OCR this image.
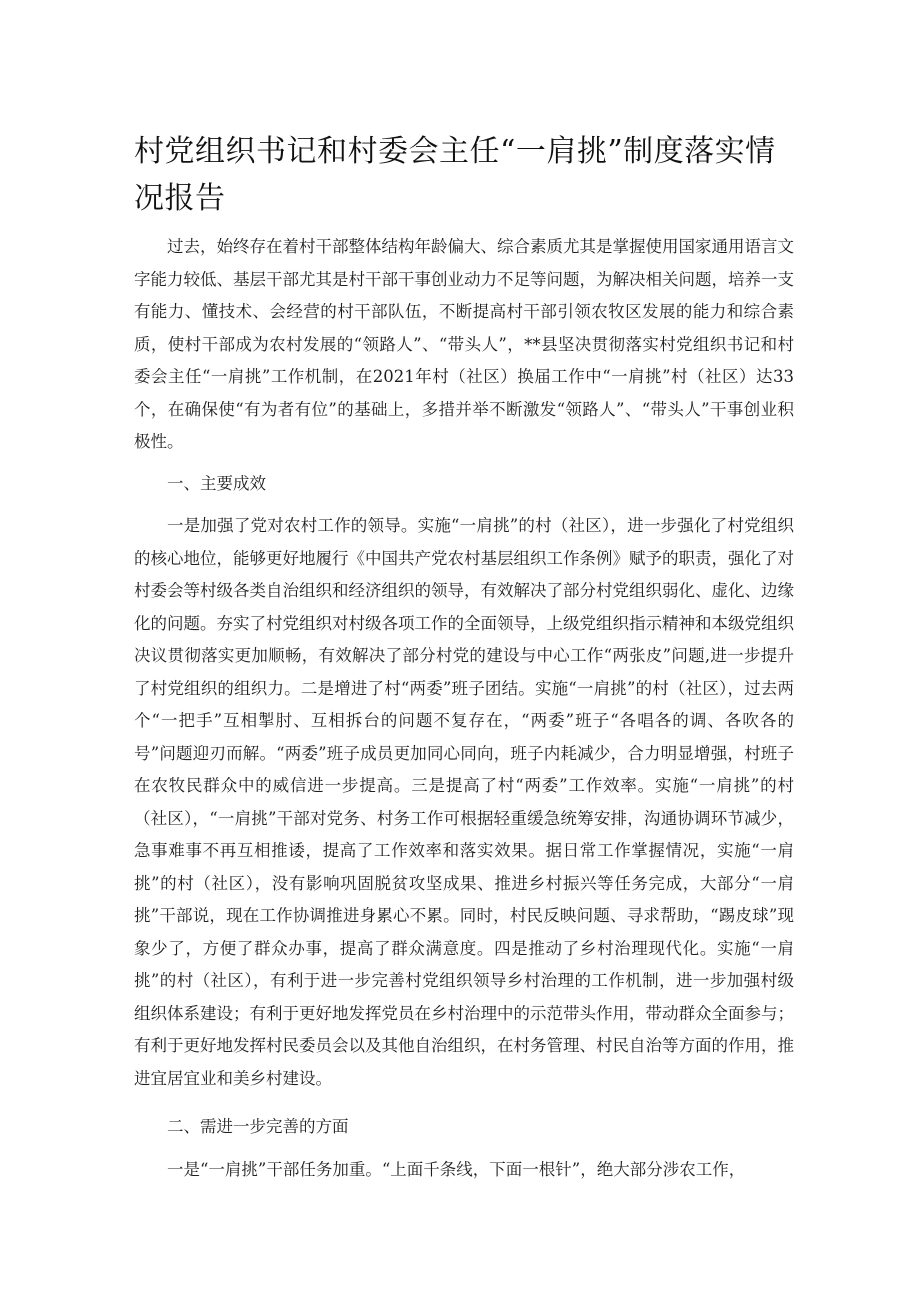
村党组织书记和村委会主任“一肩挑”制度落实情况报告

过去，始终存在着村干部整体结构年龄偏大、综合素质尤其是掌握使用国家通用语言文字能力较低、基层干部尤其是村干部干事创业动力不足等问题，为解决相关问题，培养一支有能力、懂技术、会经营的村干部队伍，不断提高村干部引领农牧区发展的能力和综合素质，使村干部成为农村发展的“领路人”、“带头人”，**县坚决贯彻落实村党组织书记和村委会主任“一肩挑”工作机制，在2021年村（社区）换届工作中“一肩挑”村（社区）达33个，在确保使“有为者有位”的基础上，多措并举不断激发“领路人”、“带头人”干事创业积极性。

一、主要成效

一是加强了党对农村工作的领导。实施“一肩挑”的村（社区），进一步强化了村党组织的核心地位，能够更好地履行《中国共产党农村基层组织工作条例》赋予的职责，强化了对村委会等村级各类自治组织和经济组织的领导，有效解决了部分村党组织弱化、虚化、边缘化的问题。夯实了村党组织对村级各项工作的全面领导，上级党组织指示精神和本级党组织决议贯彻落实更加顺畅，有效解决了部分村党的建设与中心工作“两张皮”问题,进一步提升了村党组织的组织力。二是增进了村“两委”班子团结。实施“一肩挑”的村（社区），过去两个“一把手”互相掣肘、互相拆台的问题不复存在，“两委”班子“各唱各的调、各吹各的号”问题迎刃而解。“两委”班子成员更加同心同向，班子内耗减少，合力明显增强，村班子在农牧民群众中的威信进一步提高。三是提高了村“两委”工作效率。实施“一肩挑”的村（社区），“一肩挑”干部对党务、村务工作可根据轻重缓急统筹安排，沟通协调环节减少，急事难事不再互相推诿，提高了工作效率和落实效果。据日常工作掌握情况，实施“一肩挑”的村（社区），没有影响巩固脱贫攻坚成果、推进乡村振兴等任务完成，大部分“一肩挑”干部说，现在工作协调推进身累心不累。同时，村民反映问题、寻求帮助，“踢皮球”现象少了，方便了群众办事，提高了群众满意度。四是推动了乡村治理现代化。实施“一肩挑”的村（社区），有利于进一步完善村党组织领导乡村治理的工作机制，进一步加强村级组织体系建设；有利于更好地发挥党员在乡村治理中的示范带头作用，带动群众全面参与；有利于更好地发挥村民委员会以及其他自治组织，在村务管理、村民自治等方面的作用，推进宜居宜业和美乡村建设。

二、需进一步完善的方面

一是“一肩挑”干部任务加重。“上面千条线，下面一根针”，绝大部分涉农工作，
